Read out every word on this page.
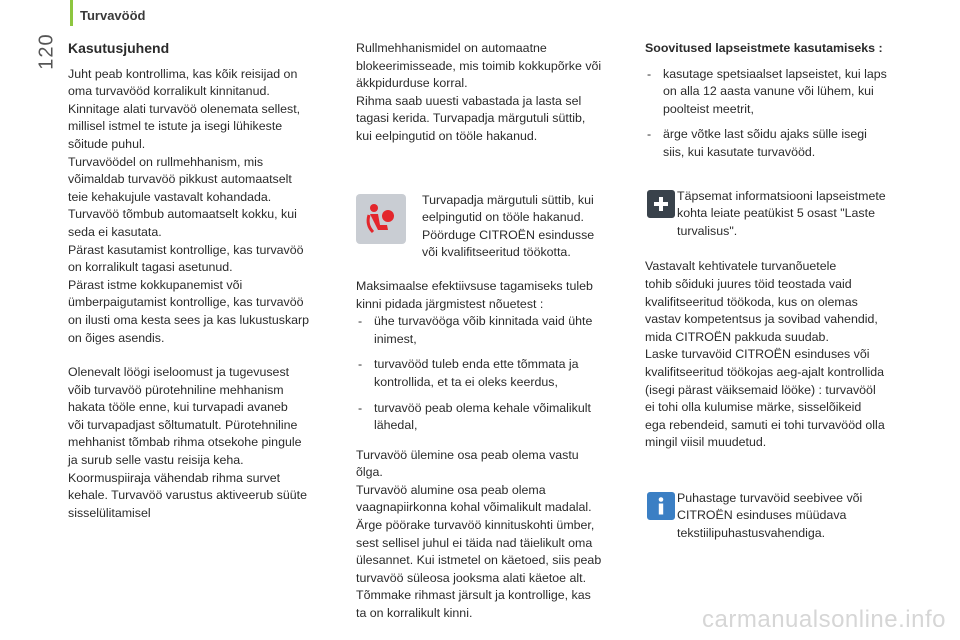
Turvavööd
120 Kasutusjuhend

Juht peab kontrollima, kas kõik reisijad on
oma turvavööd korralikult kinnitanud.
Kinnitage alati turvavöö olenemata sellest,
millisel istmel te istute ja isegi lühikeste
sõitude puhul.
Turvavöödel on rullmehhanism, mis
võimaldab turvavöö pikkust automaatselt
teie kehakujule vastavalt kohandada.
Turvavöö tõmbub automaatselt kokku, kui
seda ei kasutata.
Pärast kasutamist kontrollige, kas turvavöö
on korralikult tagasi asetunud.
Pärast istme kokkupanemist või
ümberpaigutamist kontrollige, kas turvavöö
on ilusti oma kesta sees ja kas lukustuskarp
on õiges asendis.

Olenevalt löögi iseloomust ja tugevusest
võib turvavöö pürotehniline mehhanism
hakata tööle enne, kui turvapadi avaneb
või turvapadjast sõltumatult. Pürotehniline
mehhanist tõmbab rihma otsekohe pingule
ja surub selle vastu reisija keha.
Koormuspiiraja vähendab rihma survet
kehale. Turvavöö varustus aktiveerub süüte
sisselülitamisel

Rullmehhanismidel on automaatne
blokeerimisseade, mis toimib kokkupõrke või
äkkpidurduse korral.
Rihma saab uuesti vabastada ja lasta sel
tagasi kerida. Turvapadja märgutuli süttib,
kui eelpingutid on tööle hakanud.

Turvapadja märgutuli süttib, kui
eelpingutid on tööle hakanud.
Pöörduge CITROËN esindusse
või kvalifitseeritud töökotta.

Maksimaalse efektiivsuse tagamiseks tuleb
kinni pidada järgmistest nõuetest :

- ühe turvavööga võib kinnitada vaid ühte
inimest,
- turvavööd tuleb enda ette tõmmata ja
kontrollida, et ta ei oleks keerdus,
- turvavöö peab olema kehale võimalikult
lähedal,

Turvavöö ülemine osa peab olema vastu
õlga.
Turvavöö alumine osa peab olema
vaagnapiirkonna kohal võimalikult madalal.
Ärge pöörake turvavöö kinnituskohti ümber,
sest sellisel juhul ei täida nad täielikult oma
ülesannet. Kui istmetel on käetoed, siis peab
turvavöö süleosa jooksma alati käetoe alt.
Tõmmake rihmast järsult ja kontrollige, kas
ta on korralikult kinni.

Soovitused lapseistmete kasutamiseks :
- kasutage spetsiaalset lapseistet, kui laps
on alla 12 aasta vanune või lühem, kui
poolteist meetrit,
- ärge võtke last sõidu ajaks sülle isegi
siis, kui kasutate turvavööd.

Täpsemat informatsiooni lapseistmete
kohta leiate peatükist 5 osast "Laste
turvalisus".

Vastavalt kehtivatele turvanõuetele
tohib sõiduki juures töid teostada vaid
kvalifitseeritud töökoda, kus on olemas
vastav kompetentsus ja sovibad vahendid,
mida CITROËN pakkuda suudab.
Laske turvavöid CITROËN esinduses või
kvalifitseeritud töökojas aeg-ajalt kontrollida
(isegi pärast väiksemaid lööke) : turvavööl
ei tohi olla kulumise märke, sisselõikeid
ega rebendeid, samuti ei tohi turvavööd olla
mingil viisil muudetud.

Puhastage turvavöid seebivee või
CITROËN esinduses müüdava
tekstiilipuhastusvahendiga.

carmanualsonline.info
